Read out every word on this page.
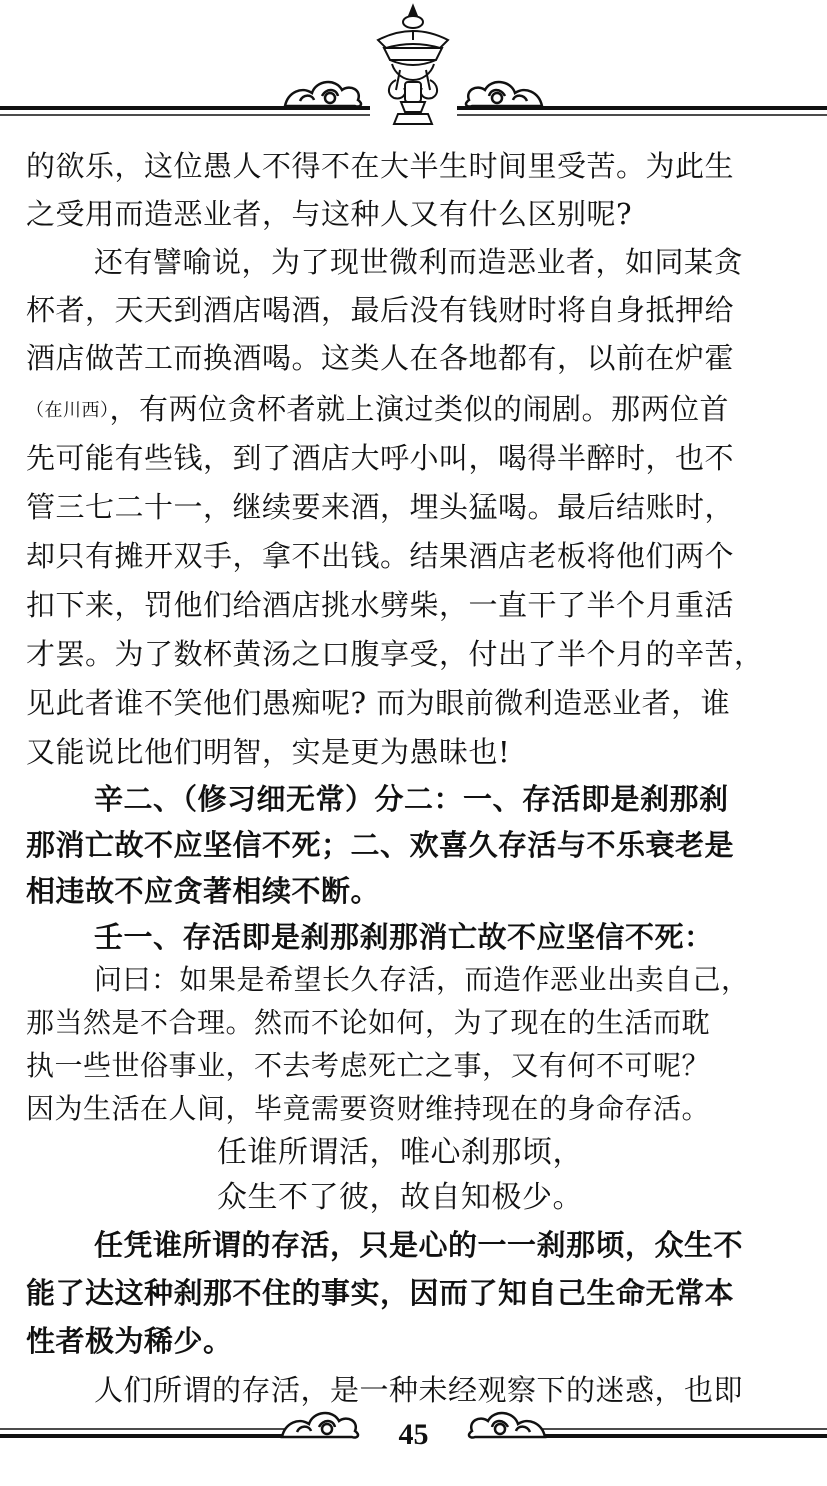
的欲乐，这位愚人不得不在大半生时间里受苦。为此生
之受用而造恶业者，与这种人又有什么区别呢?
还有譬喻说，为了现世微利而造恶业者，如同某贪
杯者，天天到酒店喝酒，最后没有钱财时将自身抵押给
酒店做苦工而换酒喝。这类人在各地都有，以前在炉霍
（在川西），有两位贪杯者就上演过类似的闹剧。那两位首
先可能有些钱，到了酒店大呼小叫，喝得半醉时，也不
管三七二十一，继续要来酒，埋头猛喝。最后结账时，
却只有摊开双手，拿不出钱。结果酒店老板将他们两个
扣下来，罚他们给酒店挑水劈柴，一直干了半个月重活
才罢。为了数杯黄汤之口腹享受，付出了半个月的辛苦，
见此者谁不笑他们愚痴呢? 而为眼前微利造恶业者，谁
又能说比他们明智，实是更为愚昧也!
辛二、（修习细无常）分二：一、存活即是刹那刹
那消亡故不应坚信不死；二、欢喜久存活与不乐衰老是
相违故不应贪著相续不断。
壬一、存活即是刹那刹那消亡故不应坚信不死：
问曰：如果是希望长久存活，而造作恶业出卖自己，
那当然是不合理。然而不论如何，为了现在的生活而耽
执一些世俗事业，不去考虑死亡之事，又有何不可呢？
因为生活在人间，毕竟需要资财维持现在的身命存活。
任谁所谓活，唯心刹那顷，
众生不了彼，故自知极少。
任凭谁所谓的存活，只是心的一一刹那顷，众生不
能了达这种刹那不住的事实，因而了知自己生命无常本
性者极为稀少。
人们所谓的存活，是一种未经观察下的迷惑，也即
45
